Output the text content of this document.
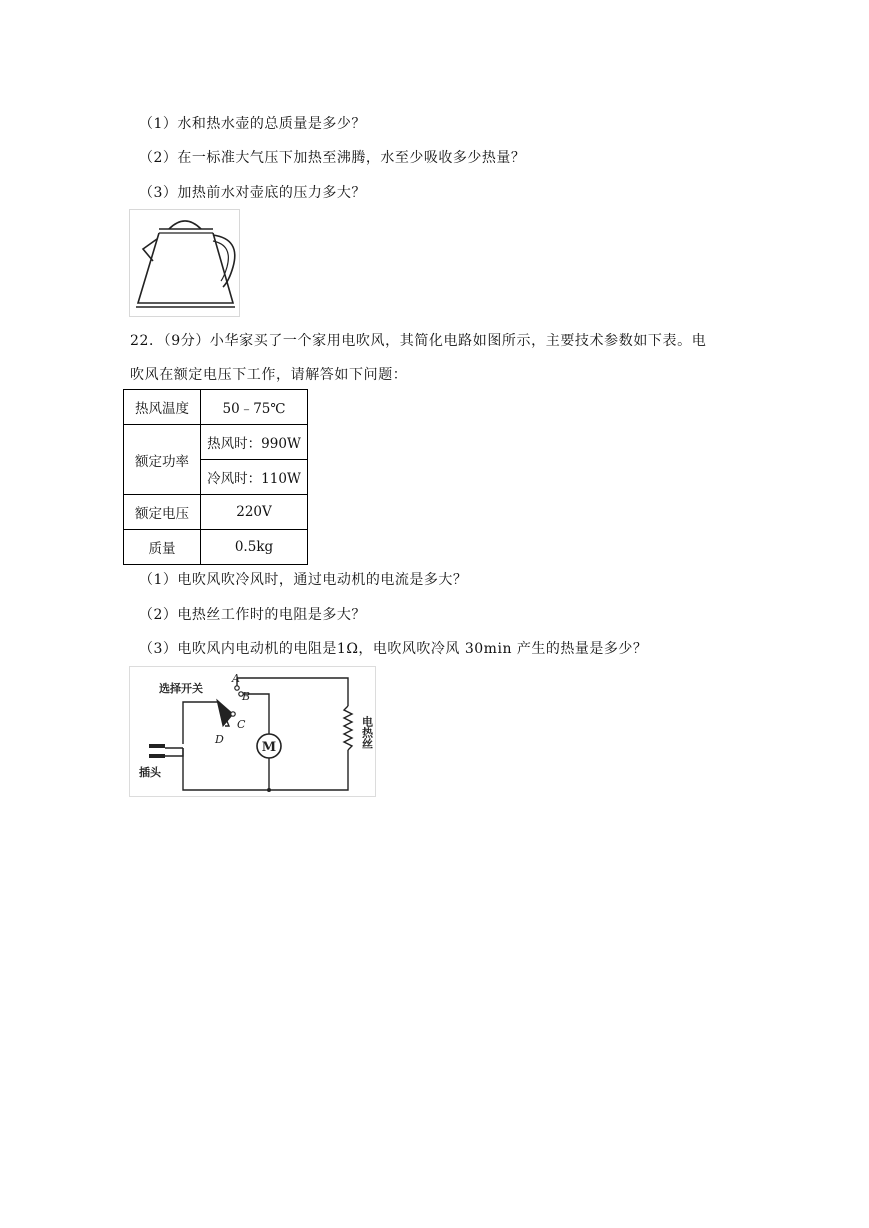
（1）水和热水壶的总质量是多少？
（2）在一标准大气压下加热至沸腾，水至少吸收多少热量？
（3）加热前水对壶底的压力多大？
22．（9分）小华家买了一个家用电吹风，其简化电路如图所示，主要技术参数如下表。电
吹风在额定电压下工作，请解答如下问题：
热风温度	50﹣75℃
额定功率	热风时：990W
	冷风时：110W
额定电压	220V
质量	0.5kg
（1）电吹风吹冷风时，通过电动机的电流是多大？
（2）电热丝工作时的电阻是多大？
（3）电吹风内电动机的电阻是1Ω，电吹风吹冷风 30min 产生的热量是多少？
M
选择开关
插头
A
B
C
D	电热丝
